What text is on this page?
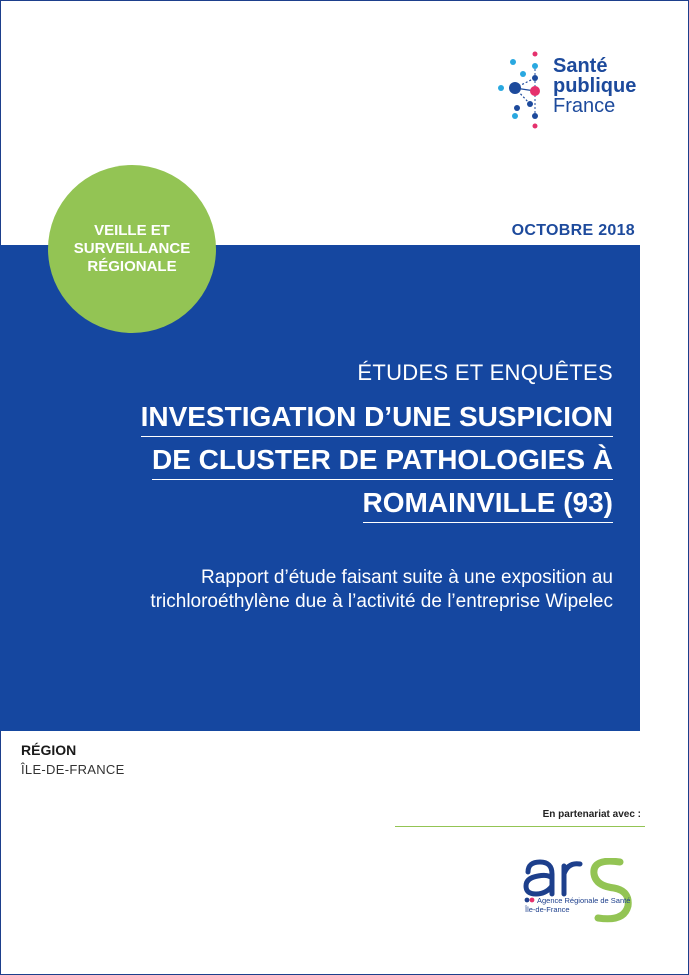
Santé
publique
France
OCTOBRE 2018
VEILLE ET
SURVEILLANCE
RÉGIONALE
ÉTUDES ET ENQUÊTES
INVESTIGATION D’UNE SUSPICION
DE CLUSTER DE PATHOLOGIES À
ROMAINVILLE (93)
Rapport d’étude faisant suite à une exposition au
trichloroéthylène due à l’activité de l’entreprise Wipelec
RÉGION
ÎLE-DE-FRANCE
En partenariat avec :
Agence Régionale de Santé
Île-de-France
